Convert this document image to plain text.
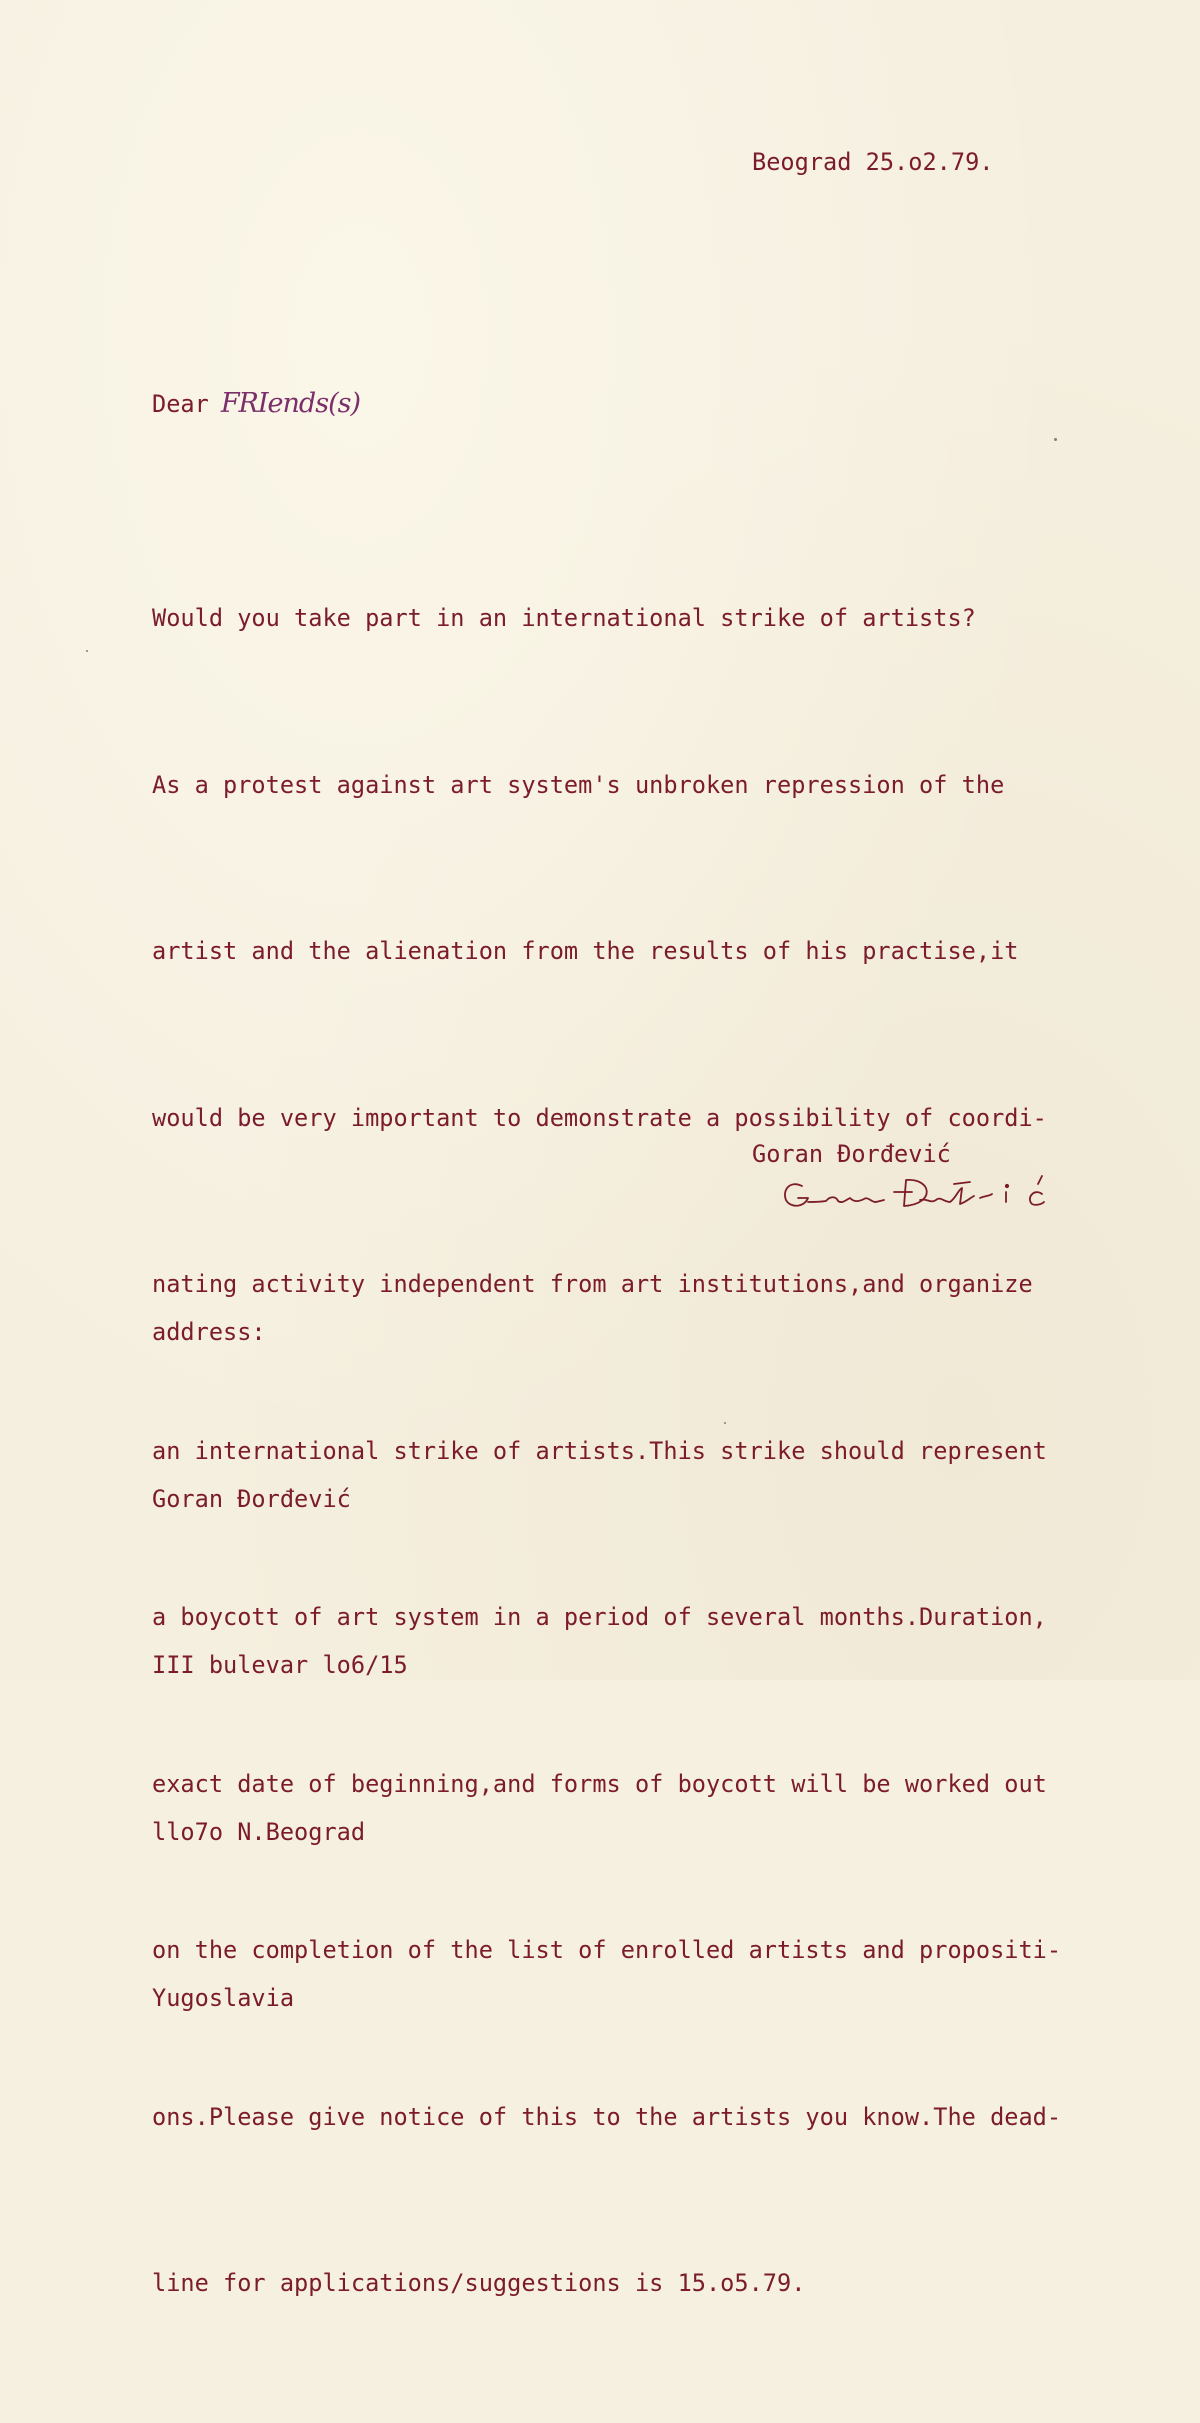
Beograd 25.o2.79.
Dear FRIends(s)

Would you take part in an international strike of artists?

As a protest against art system's unbroken repression of the

artist and the alienation from the results of his practise,it

would be very important to demonstrate a possibility of coordi-

nating activity independent from art institutions,and organize

an international strike of artists.This strike should represent

a boycott of art system in a period of several months.Duration,

exact date of beginning,and forms of boycott will be worked out

on the completion of the list of enrolled artists and propositi-

ons.Please give notice of this to the artists you know.The dead-

line for applications/suggestions is 15.o5.79.

Goran Đorđević

address:

Goran Đorđević

III bulevar lo6/15

llo7o N.Beograd

Yugoslavia
